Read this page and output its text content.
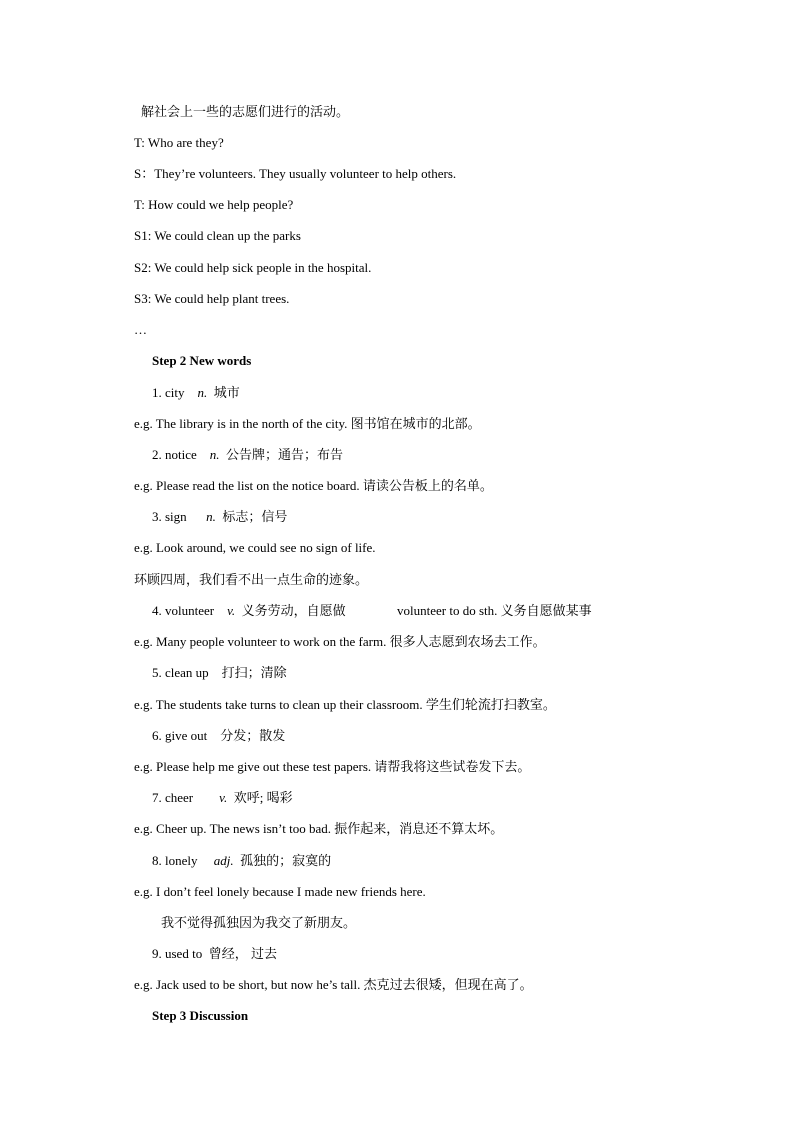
解社会上一些的志愿们进行的活动。
T: Who are they?
S：They’re volunteers. They usually volunteer to help others.
T: How could we help people?
S1: We could clean up the parks
S2: We could help sick people in the hospital.
S3: We could help plant trees.
…
Step 2 New words
1. city n. 城市
e.g. The library is in the north of the city. 图书馆在城市的北部。
2. notice n. 公告牌；通告；布告
e.g. Please read the list on the notice board. 请读公告板上的名单。
3. sign n. 标志；信号
e.g. Look around, we could see no sign of life.
环顾四周，我们看不出一点生命的迹象。
4. volunteer v. 义务劳动，自愿做	volunteer to do sth. 义务自愿做某事
e.g. Many people volunteer to work on the farm. 很多人志愿到农场去工作。
5. clean up 打扫；清除
e.g. The students take turns to clean up their classroom. 学生们轮流打扫教室。
6. give out 分发；散发
e.g. Please help me give out these test papers. 请帮我将这些试卷发下去。
7. cheer v. 欢呼; 喝彩
e.g. Cheer up. The news isn’t too bad. 振作起来，消息还不算太坏。
8. lonely adj. 孤独的；寂寞的
e.g. I don’t feel lonely because I made new friends here.
我不觉得孤独因为我交了新朋友。
9. used to 曾经， 过去
e.g. Jack used to be short, but now he’s tall. 杰克过去很矮，但现在高了。
Step 3 Discussion
